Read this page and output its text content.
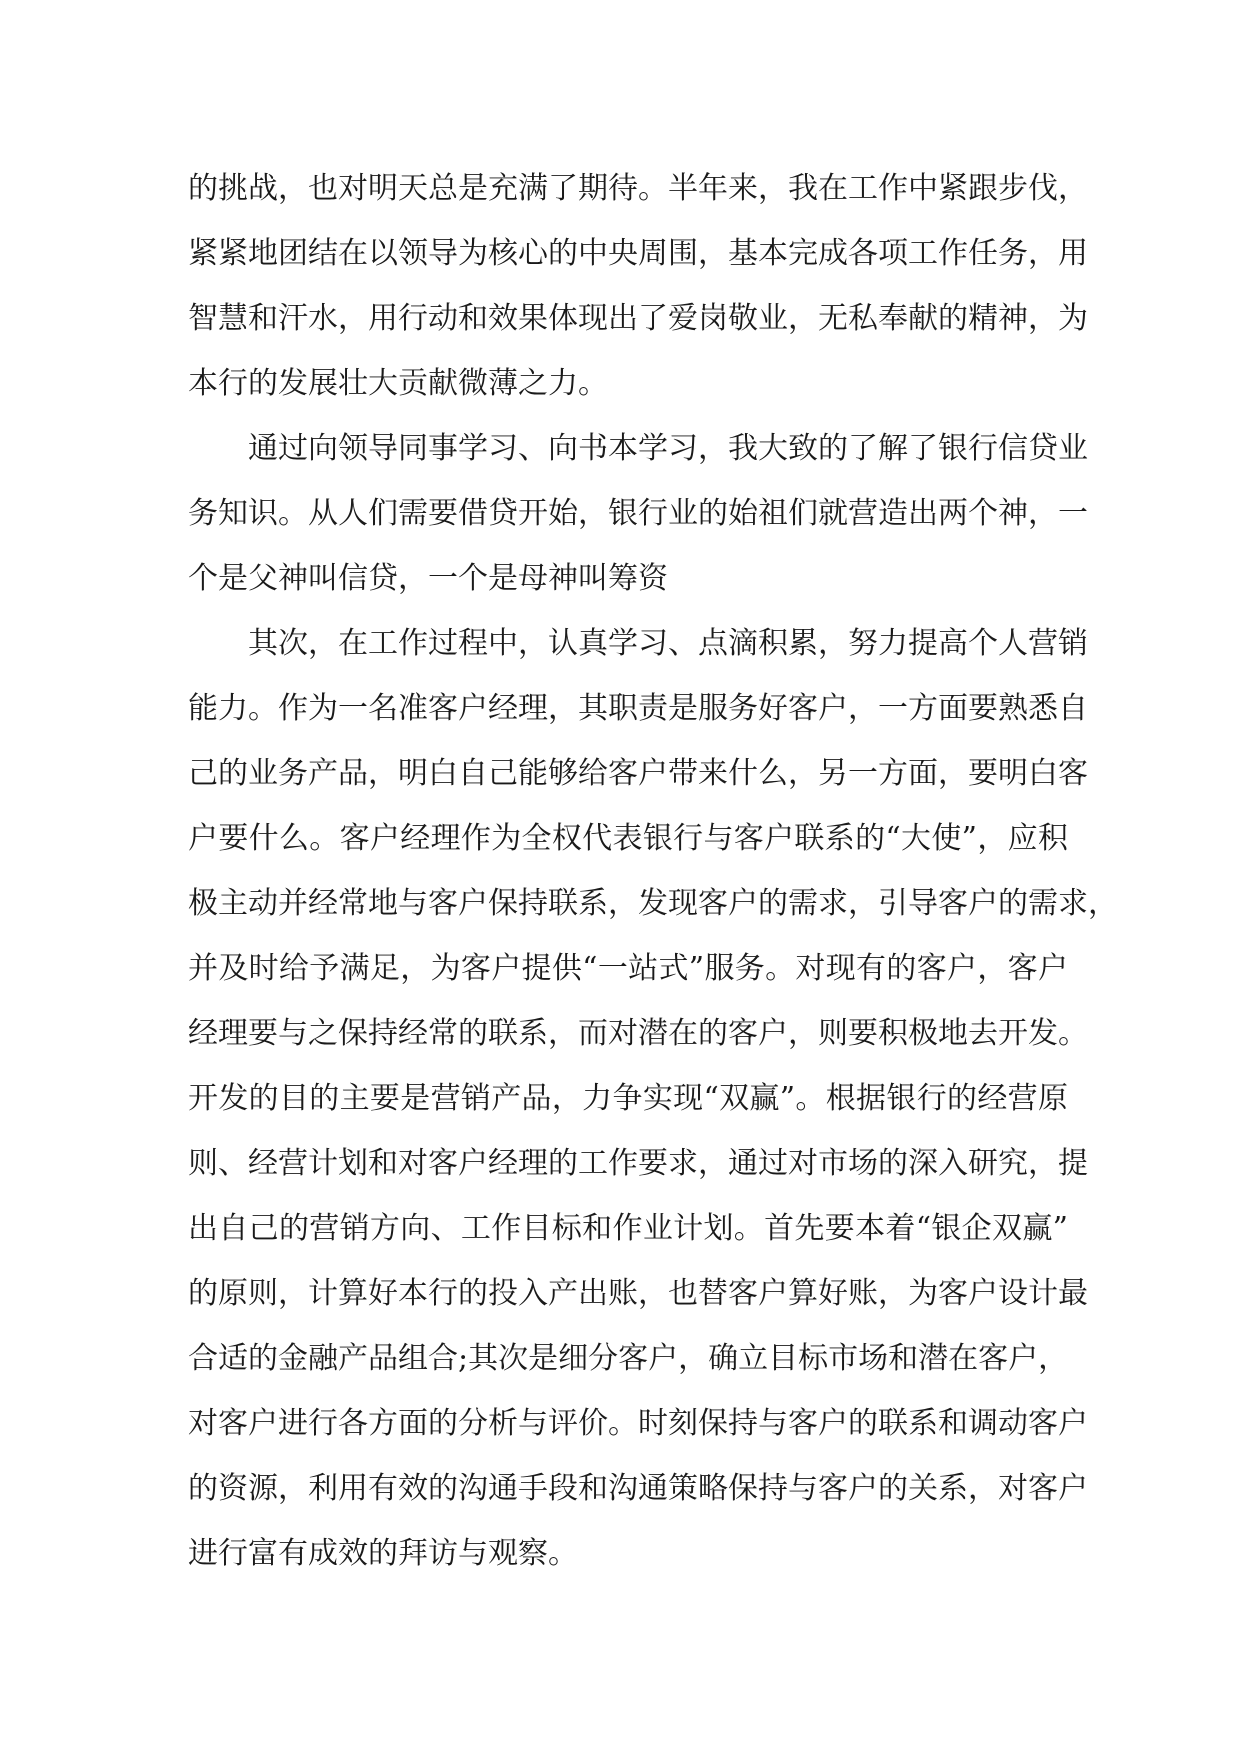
的挑战，也对明天总是充满了期待。半年来，我在工作中紧跟步伐，
紧紧地团结在以领导为核心的中央周围，基本完成各项工作任务，用
智慧和汗水，用行动和效果体现出了爱岗敬业，无私奉献的精神，为
本行的发展壮大贡献微薄之力。
通过向领导同事学习、向书本学习，我大致的了解了银行信贷业
务知识。从人们需要借贷开始，银行业的始祖们就营造出两个神，一
个是父神叫信贷，一个是母神叫筹资
其次，在工作过程中，认真学习、点滴积累，努力提高个人营销
能力。作为一名准客户经理，其职责是服务好客户，一方面要熟悉自
己的业务产品，明白自己能够给客户带来什么，另一方面，要明白客
户要什么。客户经理作为全权代表银行与客户联系的“大使”，应积
极主动并经常地与客户保持联系，发现客户的需求，引导客户的需求，
并及时给予满足，为客户提供“一站式”服务。对现有的客户，客户
经理要与之保持经常的联系，而对潜在的客户，则要积极地去开发。
开发的目的主要是营销产品，力争实现“双赢”。根据银行的经营原
则、经营计划和对客户经理的工作要求，通过对市场的深入研究，提
出自己的营销方向、工作目标和作业计划。首先要本着“银企双赢”
的原则，计算好本行的投入产出账，也替客户算好账，为客户设计最
合适的金融产品组合;其次是细分客户，确立目标市场和潜在客户，
对客户进行各方面的分析与评价。时刻保持与客户的联系和调动客户
的资源，利用有效的沟通手段和沟通策略保持与客户的关系，对客户
进行富有成效的拜访与观察。
